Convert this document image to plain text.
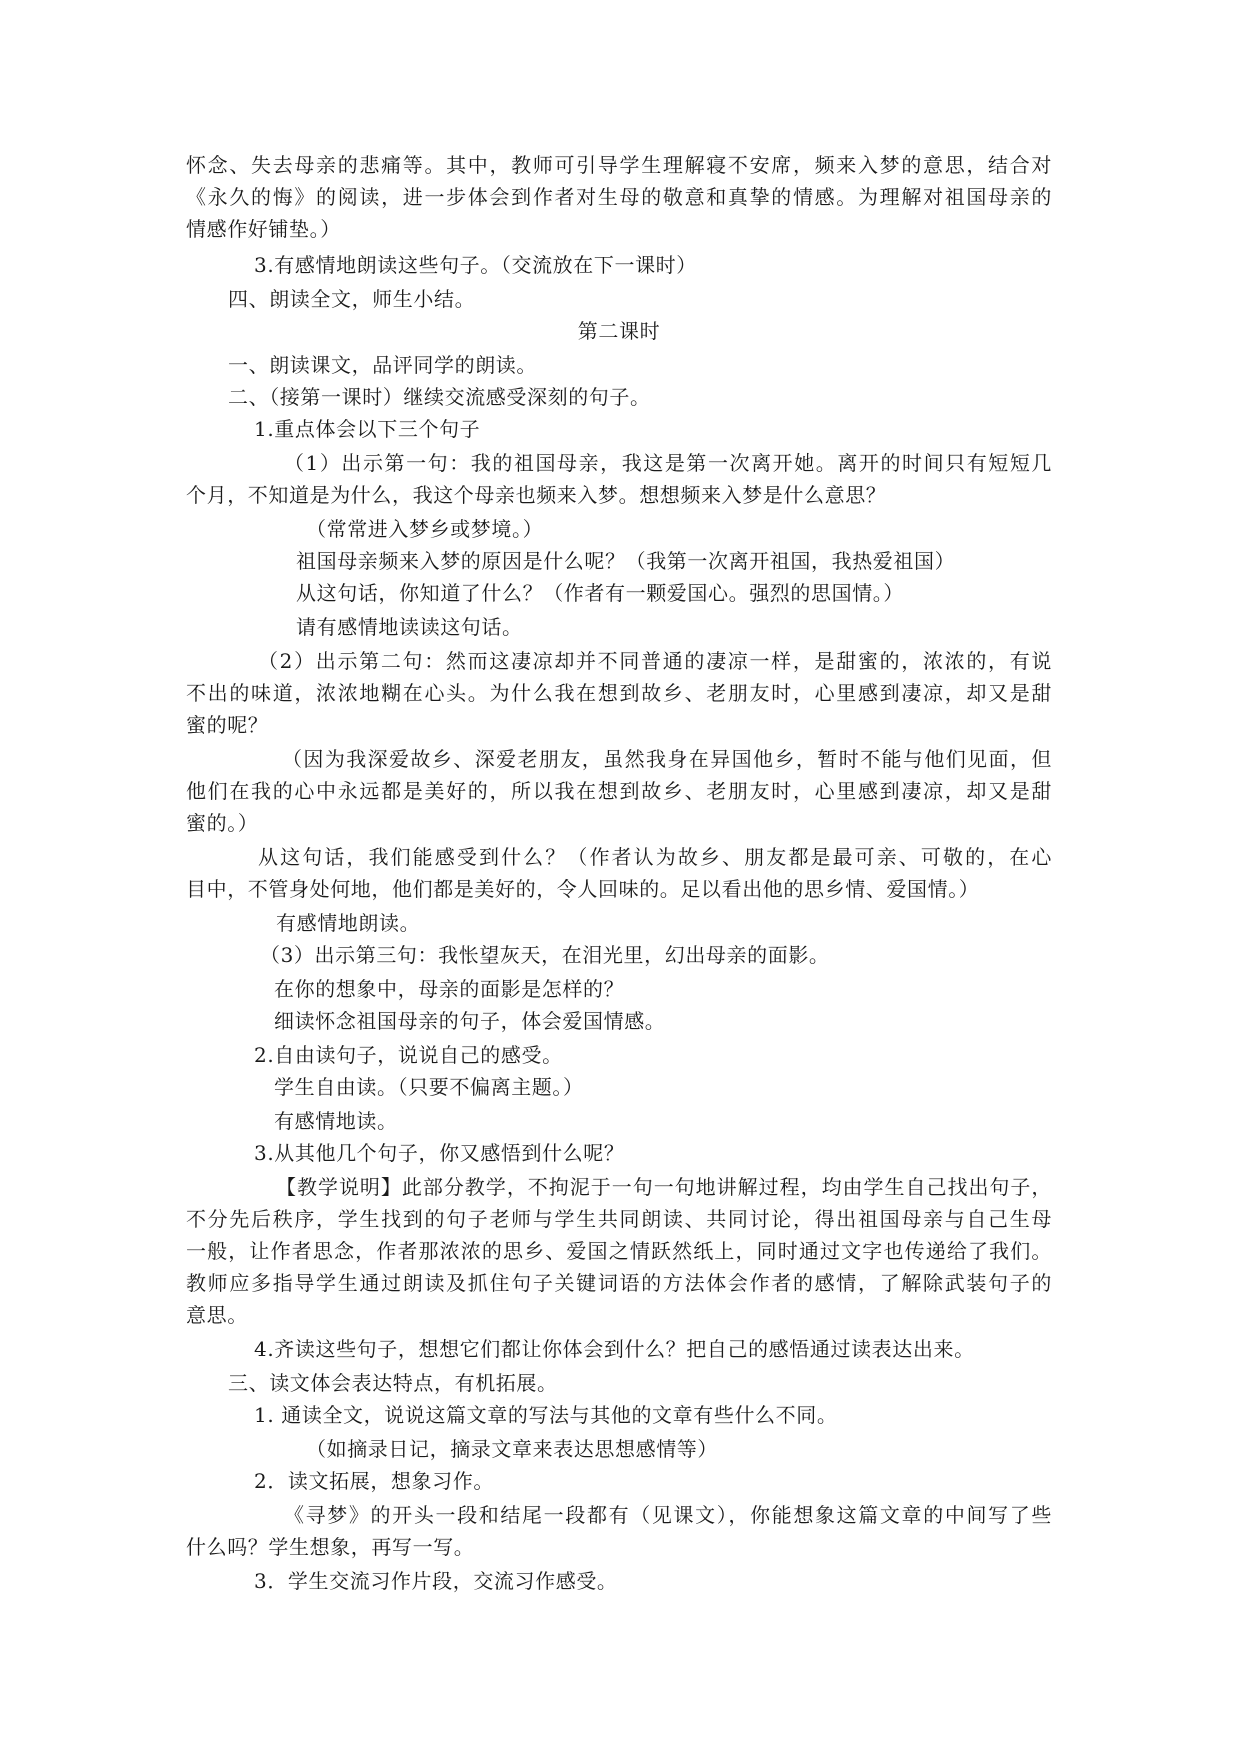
怀念、失去母亲的悲痛等。其中，教师可引导学生理解寝不安席，频来入梦的意思，结合对
《永久的悔》的阅读，进一步体会到作者对生母的敬意和真挚的情感。为理解对祖国母亲的
情感作好铺垫。）
3.有感情地朗读这些句子。（交流放在下一课时）
四、朗读全文，师生小结。
第二课时
一、朗读课文，品评同学的朗读。
二、（接第一课时）继续交流感受深刻的句子。
1.重点体会以下三个句子
（1）出示第一句：我的祖国母亲，我这是第一次离开她。离开的时间只有短短几
个月，不知道是为什么，我这个母亲也频来入梦。想想频来入梦是什么意思？
（常常进入梦乡或梦境。）
祖国母亲频来入梦的原因是什么呢？（我第一次离开祖国，我热爱祖国）
从这句话，你知道了什么？（作者有一颗爱国心。强烈的思国情。）
请有感情地读读这句话。
（2）出示第二句：然而这凄凉却并不同普通的凄凉一样，是甜蜜的，浓浓的，有说
不出的味道，浓浓地糊在心头。为什么我在想到故乡、老朋友时，心里感到凄凉，却又是甜
蜜的呢？
（因为我深爱故乡、深爱老朋友，虽然我身在异国他乡，暂时不能与他们见面，但
他们在我的心中永远都是美好的，所以我在想到故乡、老朋友时，心里感到凄凉，却又是甜
蜜的。）
从这句话，我们能感受到什么？（作者认为故乡、朋友都是最可亲、可敬的，在心
目中，不管身处何地，他们都是美好的，令人回味的。足以看出他的思乡情、爱国情。）
有感情地朗读。
（3）出示第三句：我怅望灰天，在泪光里，幻出母亲的面影。
在你的想象中，母亲的面影是怎样的？
细读怀念祖国母亲的句子，体会爱国情感。
2.自由读句子，说说自己的感受。
学生自由读。（只要不偏离主题。）
有感情地读。
3.从其他几个句子，你又感悟到什么呢？
【教学说明】此部分教学，不拘泥于一句一句地讲解过程，均由学生自己找出句子，
不分先后秩序，学生找到的句子老师与学生共同朗读、共同讨论，得出祖国母亲与自己生母
一般，让作者思念，作者那浓浓的思乡、爱国之情跃然纸上，同时通过文字也传递给了我们。
教师应多指导学生通过朗读及抓住句子关键词语的方法体会作者的感情，了解除武装句子的
意思。
4.齐读这些句子，想想它们都让你体会到什么？把自己的感悟通过读表达出来。
三、读文体会表达特点，有机拓展。
1. 通读全文，说说这篇文章的写法与其他的文章有些什么不同。
（如摘录日记，摘录文章来表达思想感情等）
2．读文拓展，想象习作。
《寻梦》的开头一段和结尾一段都有（见课文），你能想象这篇文章的中间写了些
什么吗？学生想象，再写一写。
3．学生交流习作片段，交流习作感受。
